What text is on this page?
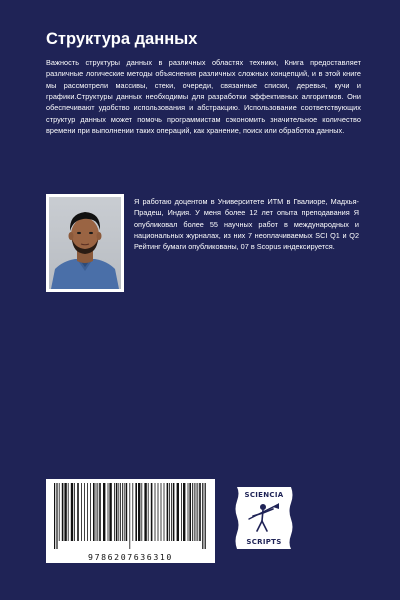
Структура данных
Важность структуры данных в различных областях техники, Книга предоставляет различные логические методы объяснения различных сложных концепций, и в этой книге мы рассмотрели массивы, стеки, очереди, связанные списки, деревья, кучи и графики.Структуры данных необходимы для разработки эффективных алгоритмов. Они обеспечивают удобство использования и абстракцию. Использование соответствующих структур данных может помочь программистам сэкономить значительное количество времени при выполнении таких операций, как хранение, поиск или обработка данных.
Я работаю доцентом в Университете ИТМ в Гвалиоре, Мадхья-Прадеш, Индия. У меня более 12 лет опыта преподавания Я опубликовал более 55 научных работ в международных и национальных журналах, из них 7 неоплачиваемых SCI Q1 и Q2 Рейтинг бумаги опубликованы, 07 в Scopus индексируется.
9786207636310
SCIENCIA
SCRIPTS
